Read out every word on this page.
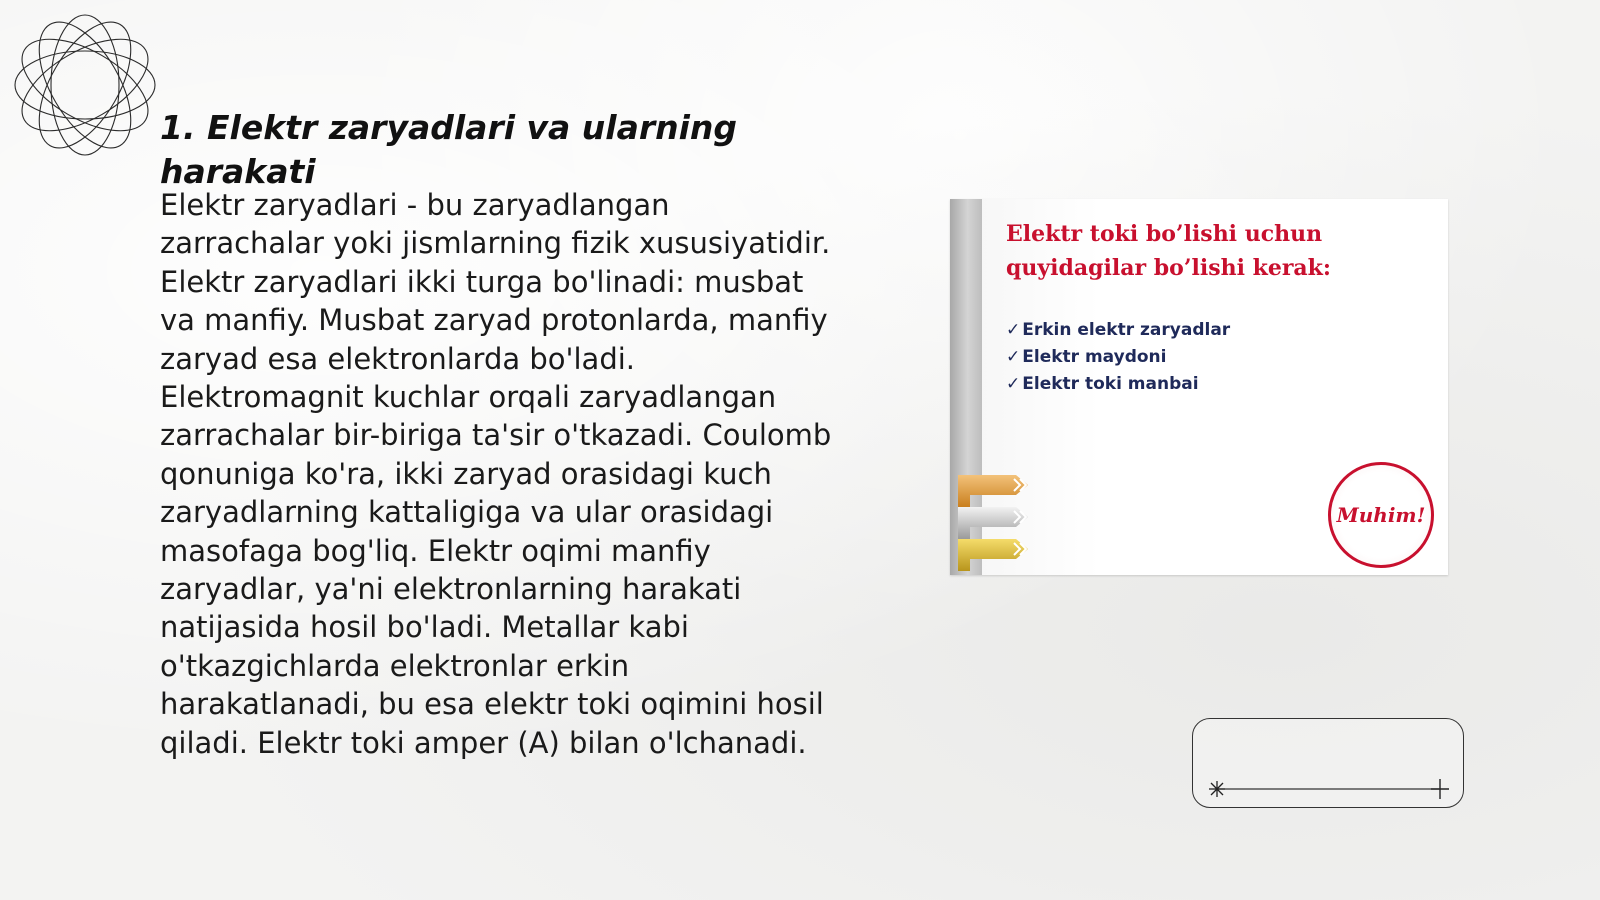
1. Elektr zaryadlari va ularning harakati

Elektr zaryadlari - bu zaryadlangan zarrachalar yoki jismlarning fizik xususiyatidir. Elektr zaryadlari ikki turga bo'linadi: musbat va manfiy. Musbat zaryad protonlarda, manfiy zaryad esa elektronlarda bo'ladi. Elektromagnit kuchlar orqali zaryadlangan zarrachalar bir-biriga ta'sir o'tkazadi. Coulomb qonuniga ko'ra, ikki zaryad orasidagi kuch zaryadlarning kattaligiga va ular orasidagi masofaga bog'liq. Elektr oqimi manfiy zaryadlar, ya'ni elektronlarning harakati natijasida hosil bo'ladi. Metallar kabi o'tkazgichlarda elektronlar erkin harakatlanadi, bu esa elektr toki oqimini hosil qiladi. Elektr toki amper (A) bilan o'lchanadi.

Elektr toki bo’lishi uchun
quyidagilar bo’lishi kerak:
✓ Erkin elektr zaryadlar
✓ Elektr maydoni
✓ Elektr toki manbai
Muhim!
